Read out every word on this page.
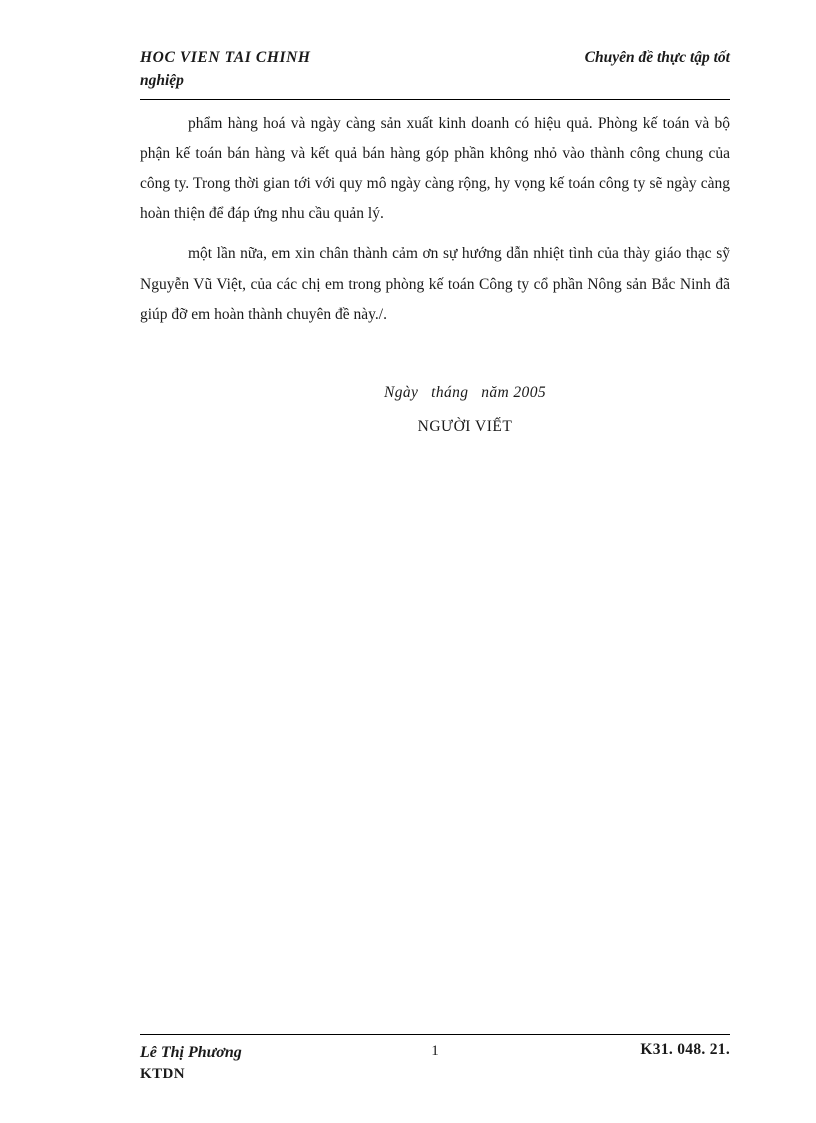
HOC VIEN TAI CHINH	Chuyên đề thực tập tốt
nghiệp

phẩm hàng hoá và ngày càng sản xuất kinh doanh có hiệu quả. Phòng kế toán và bộ phận kế toán bán hàng và kết quả bán hàng góp phần không nhỏ vào thành công chung của công ty. Trong thời gian tới với quy mô ngày càng rộng, hy vọng kế toán công ty sẽ ngày càng hoàn thiện để đáp ứng nhu cầu quản lý.

một lần nữa, em xin chân thành cảm ơn sự hướng dẫn nhiệt tình của thày giáo thạc sỹ Nguyễn Vũ Việt, của các chị em trong phòng kế toán Công ty cổ phần Nông sản Bắc Ninh đã giúp đỡ em hoàn thành chuyên đề này./.

Ngày   tháng   năm 2005
NGƯỜI VIẾT
Lê Thị Phương
KTDN
1	K31. 048. 21.
